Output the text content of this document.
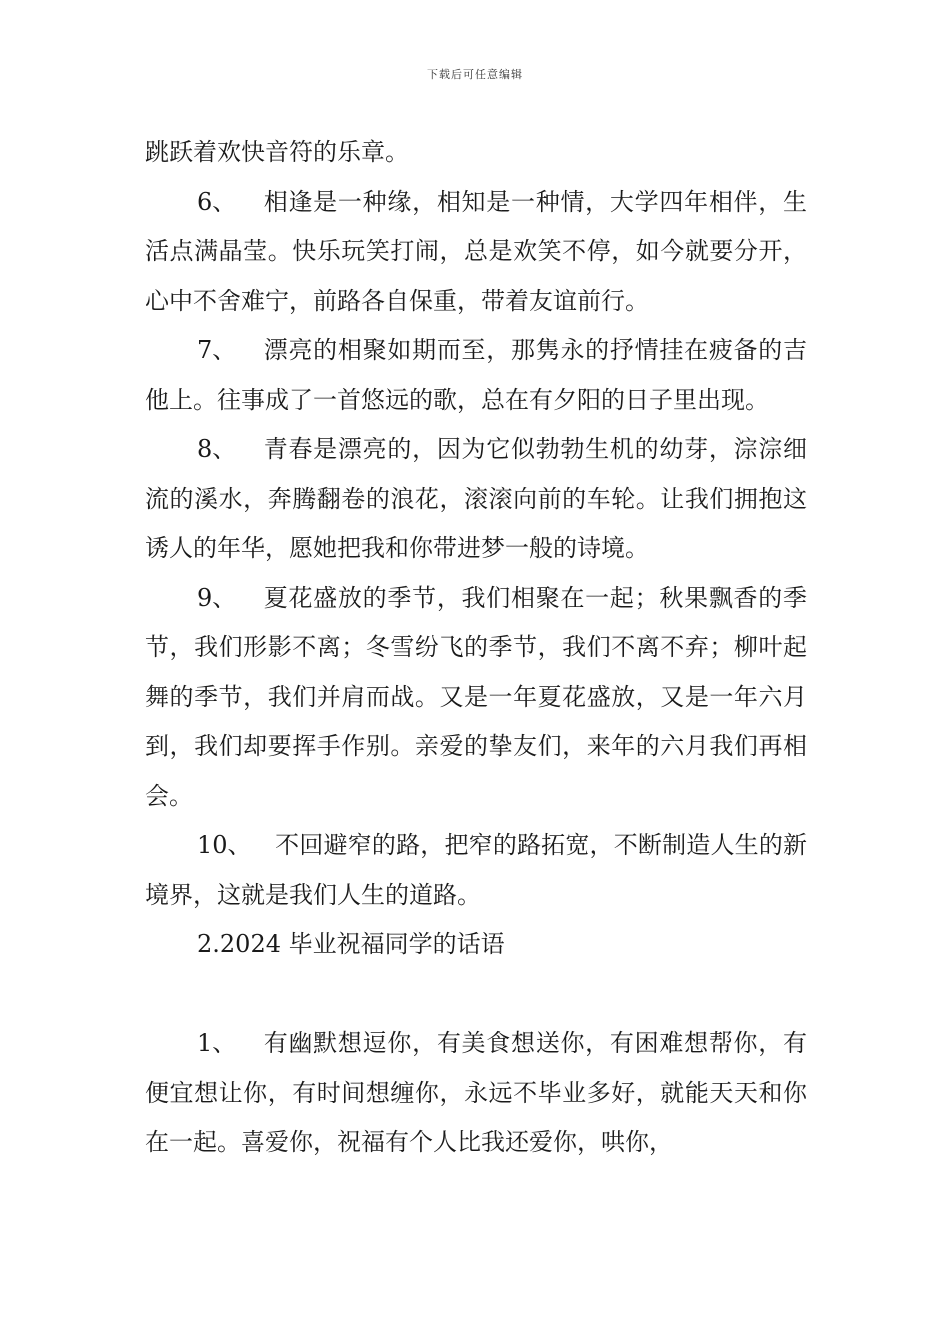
下载后可任意编辑

跳跃着欢快音符的乐章。

6、 相逢是一种缘，相知是一种情，大学四年相伴，生活点满晶莹。快乐玩笑打闹，总是欢笑不停，如今就要分开，心中不舍难宁，前路各自保重，带着友谊前行。

7、 漂亮的相聚如期而至，那隽永的抒情挂在疲备的吉他上。往事成了一首悠远的歌，总在有夕阳的日子里出现。

8、 青春是漂亮的，因为它似勃勃生机的幼芽，淙淙细流的溪水，奔腾翻卷的浪花，滚滚向前的车轮。让我们拥抱这诱人的年华，愿她把我和你带进梦一般的诗境。

9、 夏花盛放的季节，我们相聚在一起；秋果飘香的季节，我们形影不离；冬雪纷飞的季节，我们不离不弃；柳叶起舞的季节，我们并肩而战。又是一年夏花盛放，又是一年六月到，我们却要挥手作别。亲爱的挚友们，来年的六月我们再相会。

10、 不回避窄的路，把窄的路拓宽，不断制造人生的新境界，这就是我们人生的道路。

2.2024 毕业祝福同学的话语

1、 有幽默想逗你，有美食想送你，有困难想帮你，有便宜想让你，有时间想缠你，永远不毕业多好，就能天天和你在一起。喜爱你，祝福有个人比我还爱你，哄你，
